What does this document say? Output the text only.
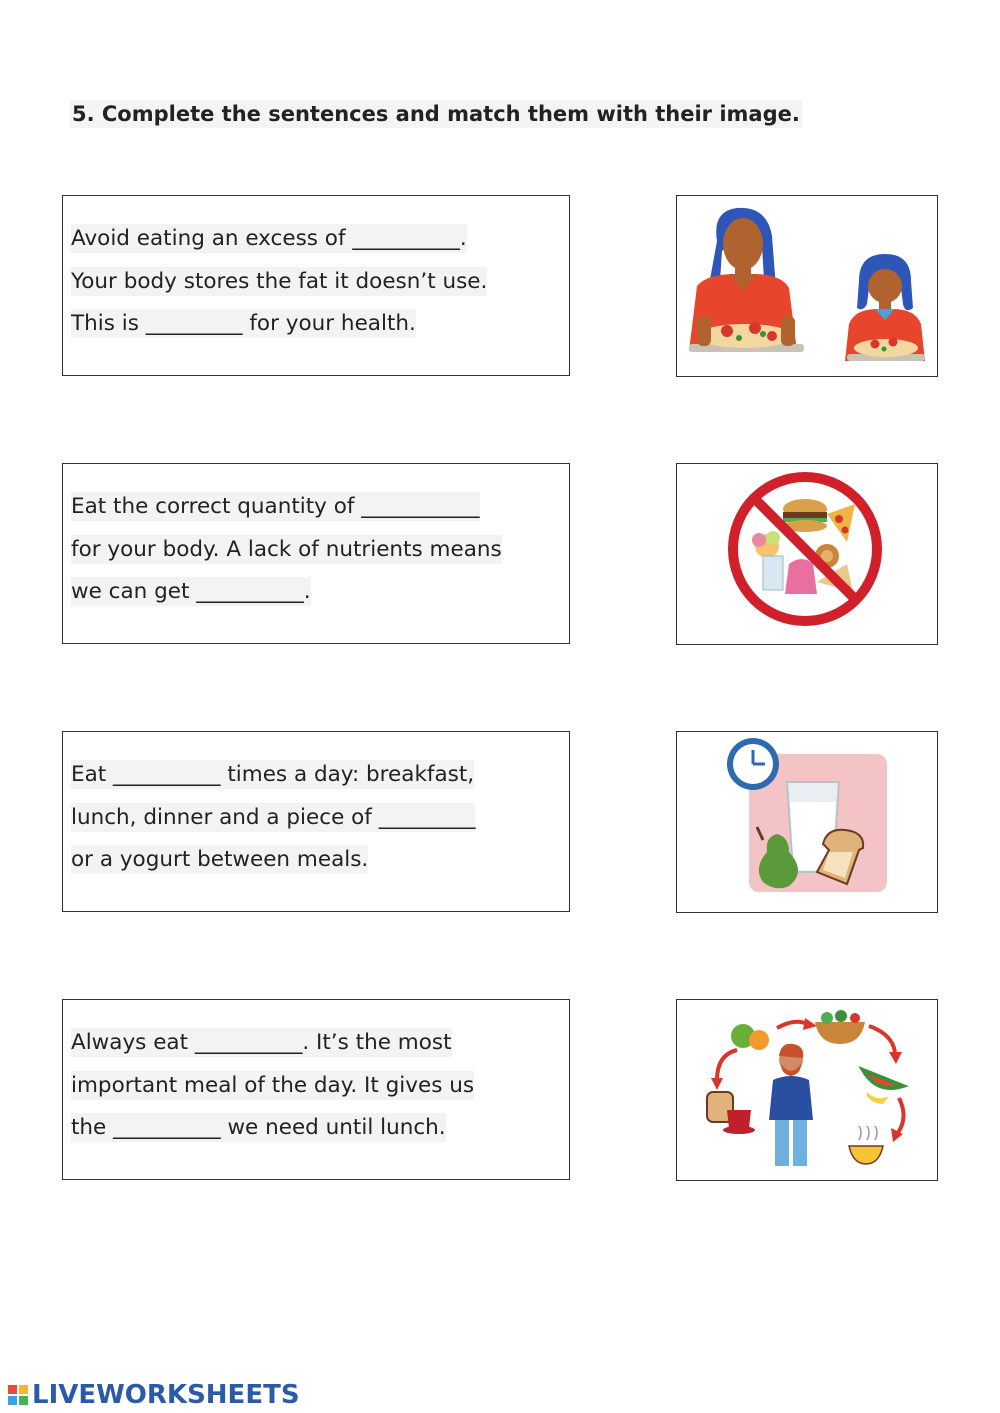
5. Complete the sentences and match them with their image.
Avoid eating an excess of __________.
Your body stores the fat it doesn’t use.
This is _________ for your health.
Eat the correct quantity of ___________
for your body. A lack of nutrients means
we can get __________.
Eat __________ times a day: breakfast,
lunch, dinner and a piece of _________
or a yogurt between meals.
Always eat __________. It’s the most
important meal of the day. It gives us
the __________ we need until lunch.
LIVEWORKSHEETS
